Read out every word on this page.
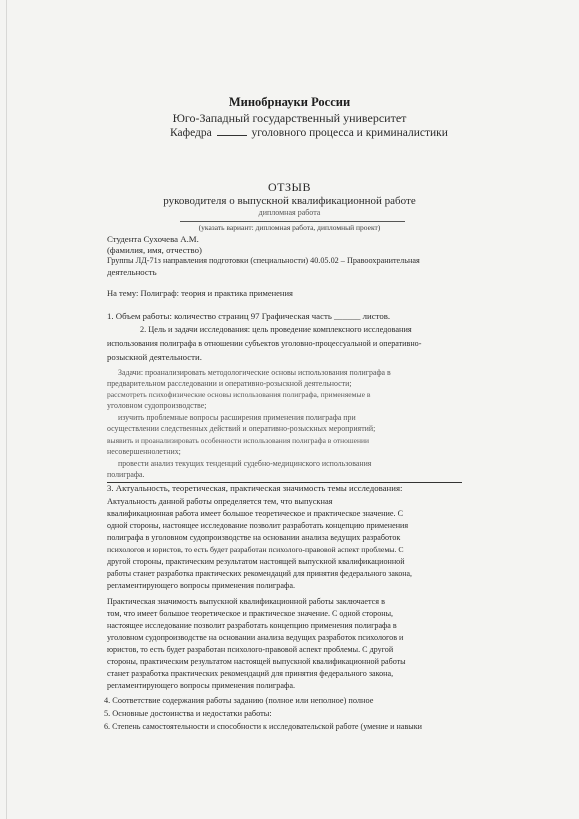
Минобрнауки России
Юго-Западный государственный университет
Кафедра	уголовного процесса и криминалистики
ОТЗЫВ
руководителя о выпускной квалификационной работе
дипломная работа
(указать вариант: дипломная работа, дипломный проект)
Студента Сухочева А.М.
(фамилия, имя, отчество)
Группы ЛД-71з направления подготовки (специальности) 40.05.02 – Правоохранительная
деятельность
На тему: Полиграф: теория и практика применения
1. Объем работы: количество страниц 97 Графическая часть ______ листов.
2. Цель и задачи исследования: цель проведение комплексного исследования
использования полиграфа в отношении субъектов уголовно-процессуальной и оперативно-
розыскной деятельности.
Задачи: проанализировать методологические основы использования полиграфа в
предварительном расследовании и оперативно-розыскной деятельности;
рассмотреть психофизические основы использования полиграфа, применяемые в
уголовном судопроизводстве;
изучить проблемные вопросы расширения применения полиграфа при
осуществлении следственных действий и оперативно-розыскных мероприятий;
выявить и проанализировать особенности использования полиграфа в отношении
несовершеннолетних;
провести анализ текущих тенденций судебно-медицинского использования
полиграфа.
3. Актуальность, теоретическая, практическая значимость темы исследования:
Актуальность данной работы определяется тем, что выпускная
квалификационная работа имеет большое теоретическое и практическое значение. С
одной стороны, настоящее исследование позволит разработать концепцию применения
полиграфа в уголовном судопроизводстве на основании анализа ведущих разработок
психологов и юристов, то есть будет разработан психолого-правовой аспект проблемы. С
другой стороны, практическим результатом настоящей выпускной квалификационной
работы станет разработка практических рекомендаций для принятия федерального закона,
регламентирующего вопросы применения полиграфа.
Практическая значимость выпускной квалификационной работы заключается в
том, что имеет большое теоретическое и практическое значение. С одной стороны,
настоящее исследование позволит разработать концепцию применения полиграфа в
уголовном судопроизводстве на основании анализа ведущих разработок психологов и
юристов, то есть будет разработан психолого-правовой аспект проблемы. С другой
стороны, практическим результатом настоящей выпускной квалификационной работы
станет разработка практических рекомендаций для принятия федерального закона,
регламентирующего вопросы применения полиграфа.
4. Соответствие содержания работы заданию (полное или неполное) полное
5. Основные достоинства и недостатки работы:
6. Степень самостоятельности и способности к исследовательской работе (умение и навыки
